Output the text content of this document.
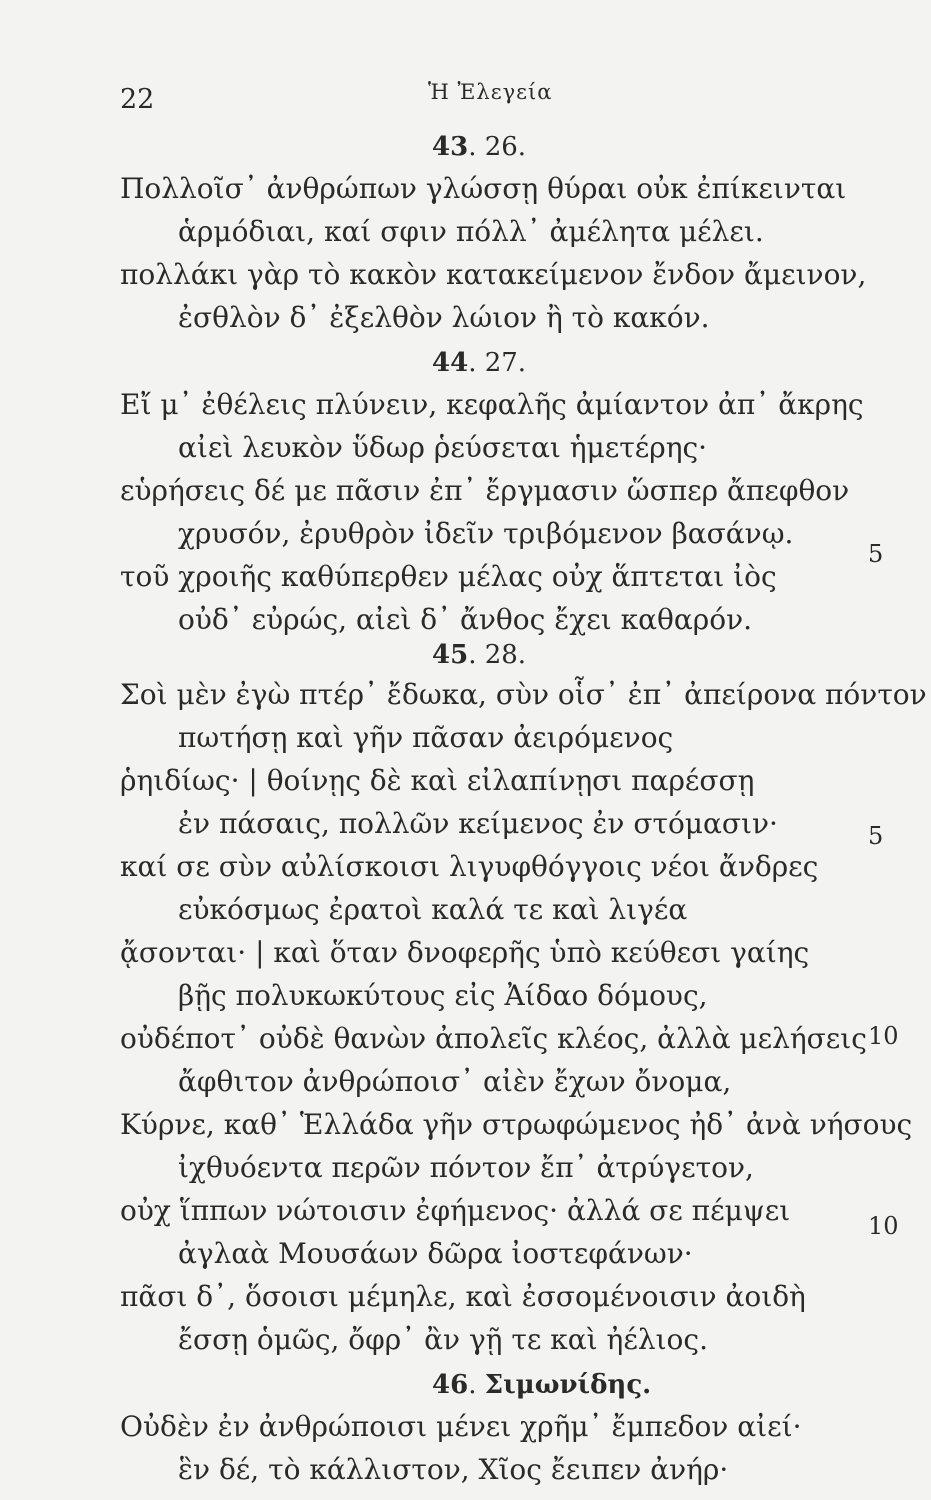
22	Ἡ Ἐλεγεία
43. 26.
Πολλοῖσ᾽ ἀνθρώπων γλώσσῃ θύραι οὐκ ἐπίκεινται
ἁρμόδιαι, καί σφιν πόλλ᾽ ἀμέλητα μέλει.
πολλάκι γὰρ τὸ κακὸν κατακείμενον ἔνδον ἄμεινον,
ἐσθλὸν δ᾽ ἐξελθὸν λώιον ἢ τὸ κακόν.
44. 27.
Εἴ μ᾽ ἐθέλεις πλύνειν, κεφαλῆς ἀμίαντον ἀπ᾽ ἄκρης
αἰεὶ λευκὸν ὕδωρ ῥεύσεται ἡμετέρης·
εὑρήσεις δέ με πᾶσιν ἐπ᾽ ἔργμασιν ὥσπερ ἄπεφθον
χρυσόν, ἐρυθρὸν ἰδεῖν τριβόμενον βασάνῳ.
τοῦ χροιῆς καθύπερθεν μέλας οὐχ ἅπτεται ἰὸς
5
οὐδ᾽ εὐρώς, αἰεὶ δ᾽ ἄνθος ἔχει καθαρόν.
45. 28.
Σοὶ μὲν ἐγὼ πτέρ᾽ ἔδωκα, σὺν οἷσ᾽ ἐπ᾽ ἀπείρονα πόντον
πωτήσῃ καὶ γῆν πᾶσαν ἀειρόμενος
ῥηιδίως· | θοίνῃς δὲ καὶ εἰλαπίνῃσι παρέσσῃ
ἐν πάσαις, πολλῶν κείμενος ἐν στόμασιν·
καί σε σὺν αὐλίσκοισι λιγυφθόγγοις νέοι ἄνδρες
5
εὐκόσμως ἐρατοὶ καλά τε καὶ λιγέα
ᾄσονται· | καὶ ὅταν δνοφερῆς ὑπὸ κεύθεσι γαίης
βῇς πολυκωκύτους εἰς Ἀίδαο δόμους,
οὐδέποτ᾽ οὐδὲ θανὼν ἀπολεῖς κλέος, ἀλλὰ μελήσεις
ἄφθιτον ἀνθρώποισ᾽ αἰὲν ἔχων ὄνομα,
10
Κύρνε, καθ᾽ Ἑλλάδα γῆν στρωφώμενος ἠδ᾽ ἀνὰ νήσους
ἰχθυόεντα περῶν πόντον ἔπ᾽ ἀτρύγετον,
οὐχ ἵππων νώτοισιν ἐφήμενος· ἀλλά σε πέμψει
ἀγλαὰ Μουσάων δῶρα ἰοστεφάνων·
πᾶσι δ᾽, ὅσοισι μέμηλε, καὶ ἐσσομένοισιν ἀοιδὴ
10
ἔσσῃ ὁμῶς, ὄφρ᾽ ἂν γῇ τε καὶ ἠέλιος.
46. Σιμωνίδης.
Οὐδὲν ἐν ἀνθρώποισι μένει χρῆμ᾽ ἔμπεδον αἰεί·
ἓν δέ, τὸ κάλλιστον, Χῖος ἔειπεν ἀνήρ·
